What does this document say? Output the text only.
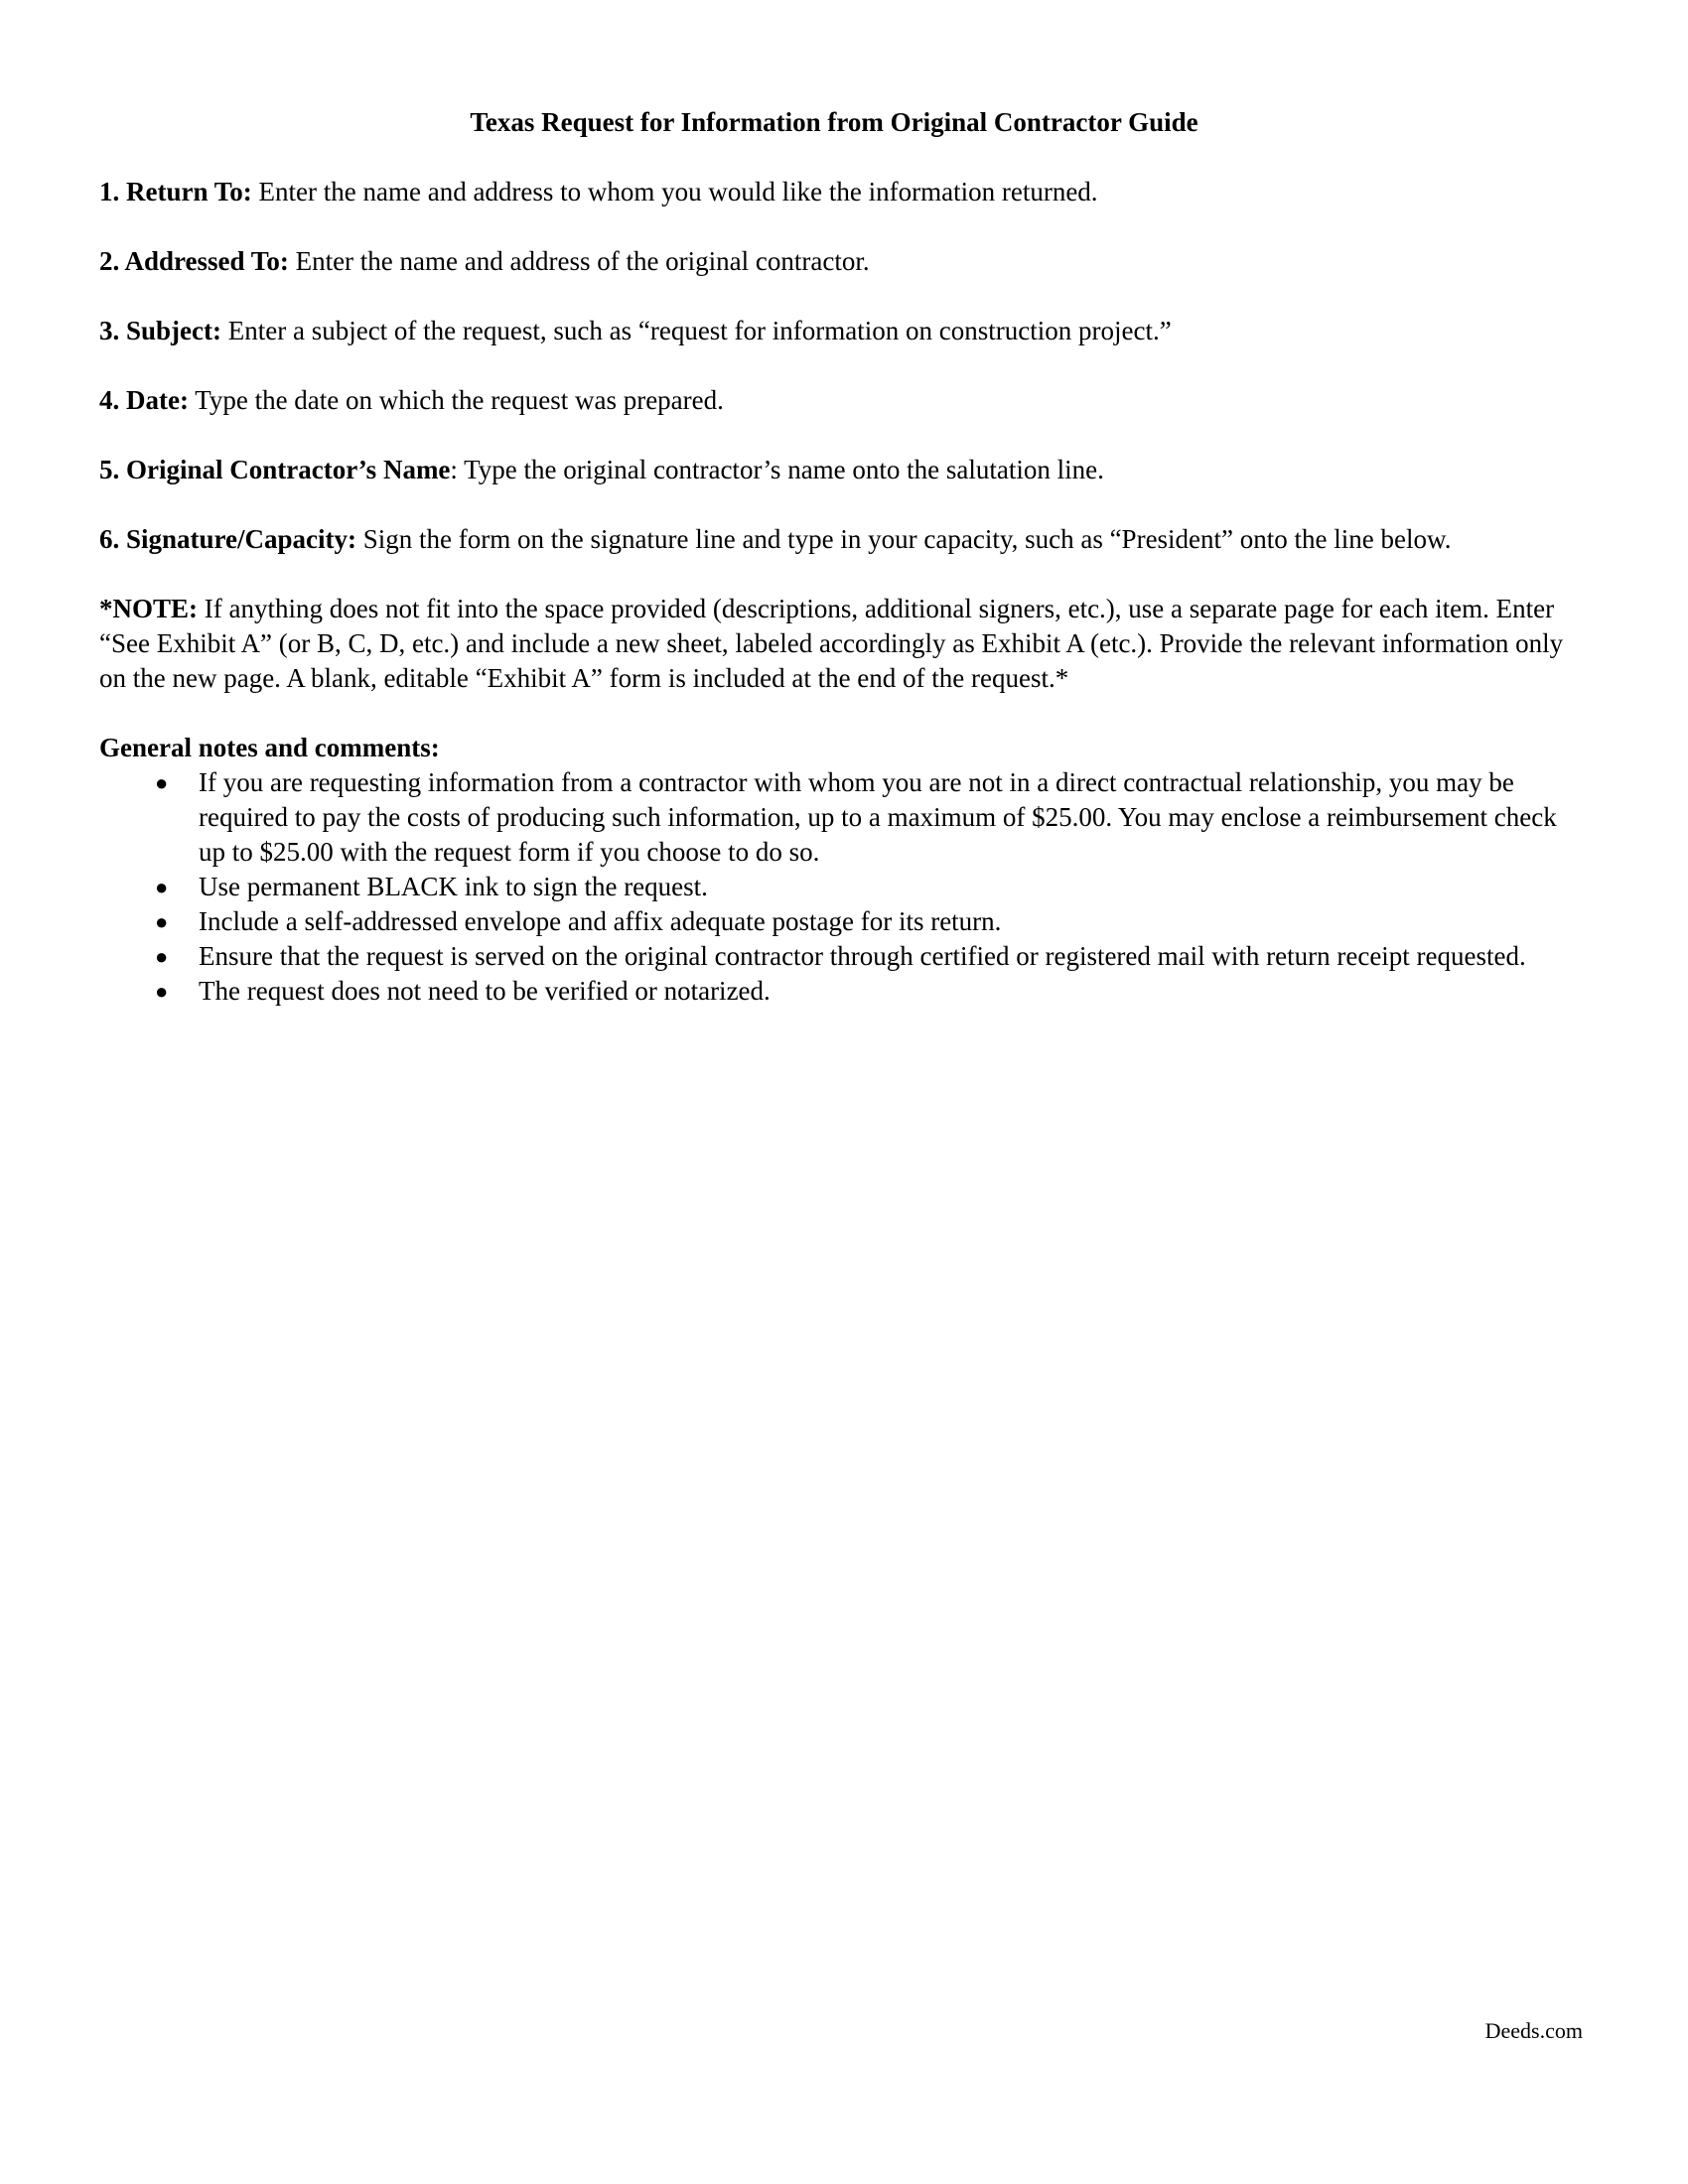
Texas Request for Information from Original Contractor Guide
1. Return To: Enter the name and address to whom you would like the information returned.
2. Addressed To: Enter the name and address of the original contractor.
3. Subject: Enter a subject of the request, such as “request for information on construction project.”
4. Date: Type the date on which the request was prepared.
5. Original Contractor’s Name: Type the original contractor’s name onto the salutation line.
6. Signature/Capacity: Sign the form on the signature line and type in your capacity, such as “President” onto the line below.
*NOTE: If anything does not fit into the space provided (descriptions, additional signers, etc.), use a separate page for each item. Enter “See Exhibit A” (or B, C, D, etc.) and include a new sheet, labeled accordingly as Exhibit A (etc.). Provide the relevant information only on the new page. A blank, editable “Exhibit A” form is included at the end of the request.*
General notes and comments:
● If you are requesting information from a contractor with whom you are not in a direct contractual relationship, you may be required to pay the costs of producing such information, up to a maximum of $25.00. You may enclose a reimbursement check up to $25.00 with the request form if you choose to do so.
● Use permanent BLACK ink to sign the request.
● Include a self-addressed envelope and affix adequate postage for its return.
● Ensure that the request is served on the original contractor through certified or registered mail with return receipt requested.
● The request does not need to be verified or notarized.
Deeds.com
